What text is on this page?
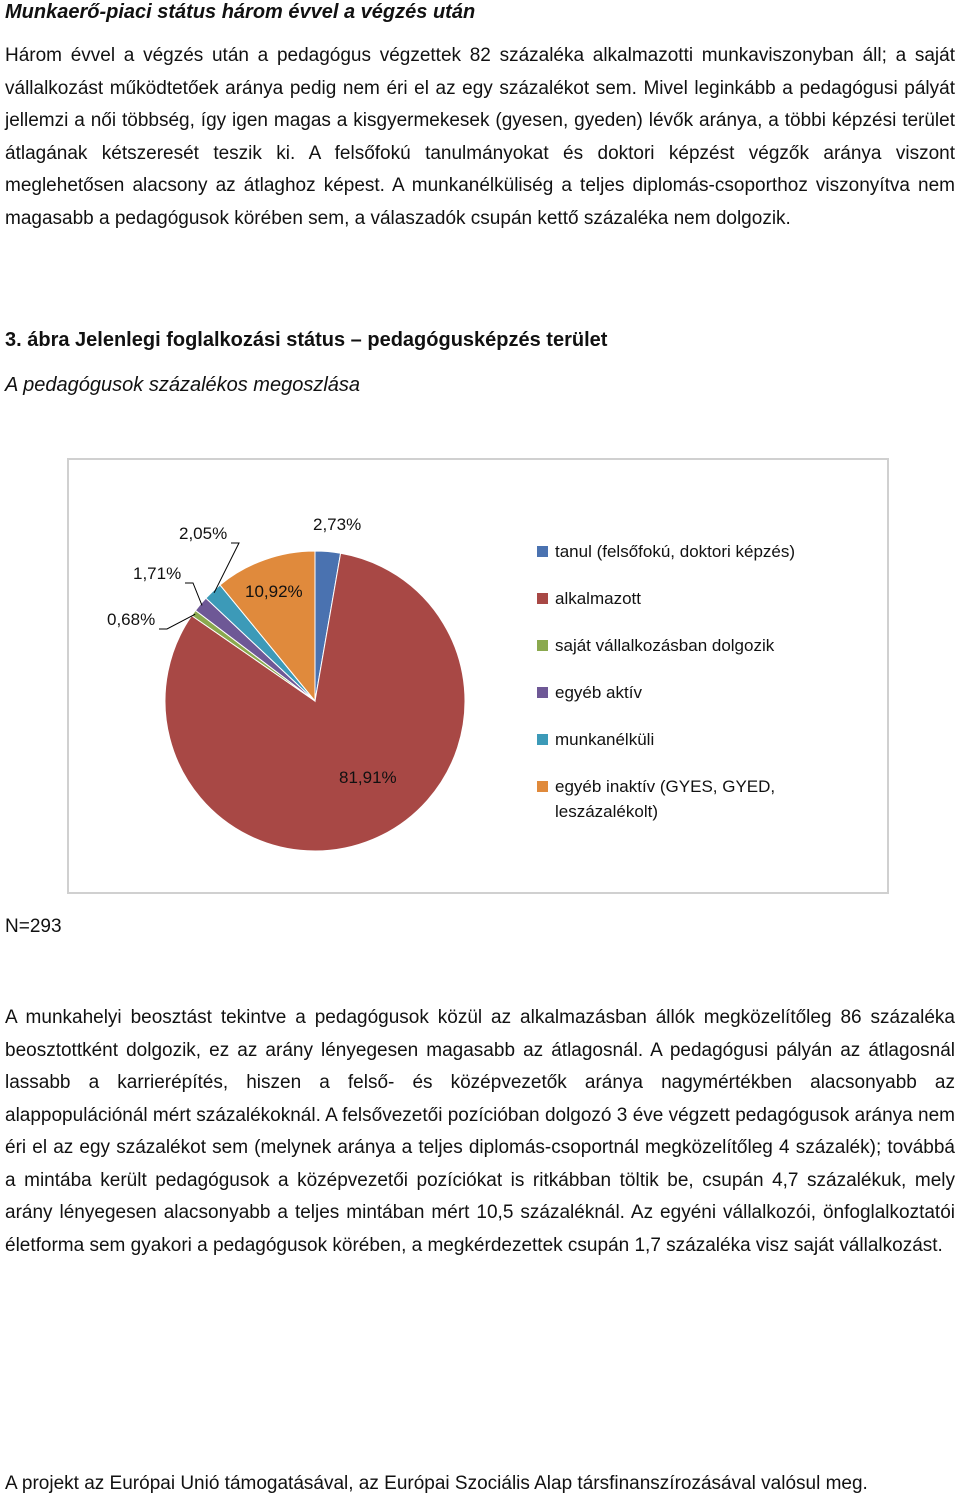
Munkaerő-piaci státus három évvel a végzés után

Három évvel a végzés után a pedagógus végzettek 82 százaléka alkalmazotti munkaviszonyban áll; a saját vállalkozást működtetőek aránya pedig nem éri el az egy százalékot sem. Mivel leginkább a pedagógusi pályát jellemzi a női többség, így igen magas a kisgyermekesek (gyesen, gyeden) lévők aránya, a többi képzési terület átlagának kétszeresét teszik ki. A felsőfokú tanulmányokat és doktori képzést végzők aránya viszont meglehetősen alacsony az átlaghoz képest. A munkanélküliség a teljes diplomás-csoporthoz viszonyítva nem magasabb a pedagógusok körében sem, a válaszadók csupán kettő százaléka nem dolgozik.

3. ábra Jelenlegi foglalkozási státus – pedagógusképzés terület

A pedagógusok százalékos megoszlása

2,73%
81,91%
0,68%
1,71%
2,05%
10,92%
tanul (felsőfokú, doktori képzés)
alkalmazott
saját vállalkozásban dolgozik
egyéb aktív
munkanélküli
egyéb inaktív (GYES, GYED, leszázalékolt)

N=293

A munkahelyi beosztást tekintve a pedagógusok közül az alkalmazásban állók megközelítőleg 86 százaléka beosztottként dolgozik, ez az arány lényegesen magasabb az átlagosnál. A pedagógusi pályán az átlagosnál lassabb a karrierépítés, hiszen a felső- és középvezetők aránya nagymértékben alacsonyabb az alappopulációnál mért százalékoknál. A felsővezetői pozícióban dolgozó 3 éve végzett pedagógusok aránya nem éri el az egy százalékot sem (melynek aránya a teljes diplomás-csoportnál megközelítőleg 4 százalék); továbbá a mintába került pedagógusok a középvezetői pozíciókat is ritkábban töltik be, csupán 4,7 százalékuk, mely arány lényegesen alacsonyabb a teljes mintában mért 10,5 százaléknál. Az egyéni vállalkozói, önfoglalkoztatói életforma sem gyakori a pedagógusok körében, a megkérdezettek csupán 1,7 százaléka visz saját vállalkozást.

A projekt az Európai Unió támogatásával, az Európai Szociális Alap társfinanszírozásával valósul meg.
